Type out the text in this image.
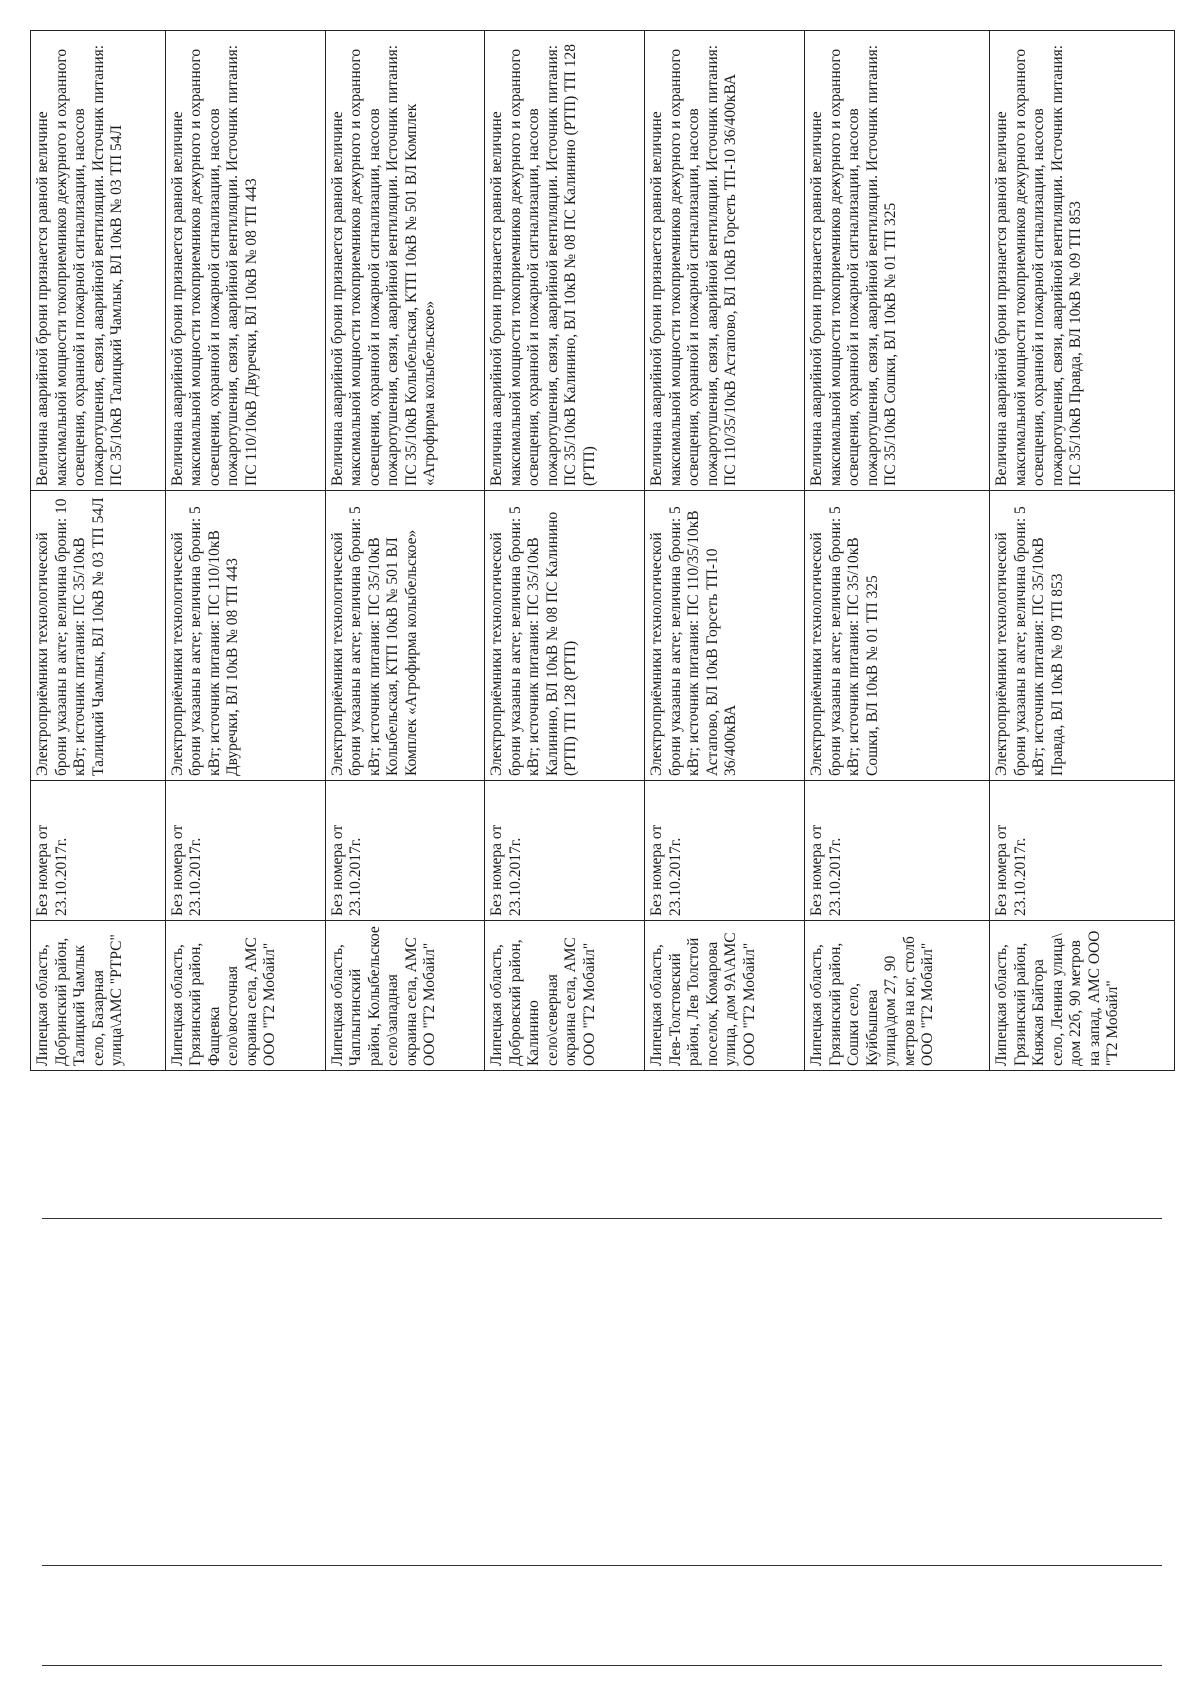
Липецкая область, Добринский район, Талицкий Чамлык село, Базарная улица\АМС "РТРС"	Без номера от 23.10.2017г.	Электроприёмники технологической брони указаны в акте; величина брони: 10 кВт; источник питания: ПС 35/10кВ Талицкий Чамлык, ВЛ 10кВ № 03 ТП 54Л	Величина аварийной брони признается равной величине максимальной мощности токоприемников дежурного и охранного освещения, охранной и пожарной сигнализации, насосов пожаротушения, связи, аварийной вентиляции. Источник питания: ПС 35/10кВ Талицкий Чамлык, ВЛ 10кВ № 03 ТП 54Л
Липецкая область, Грязинский район, Фащевка село\восточная окраина села, АМС ООО "Т2 Мобайл"	Без номера от 23.10.2017г.	Электроприёмники технологической брони указаны в акте; величина брони: 5 кВт; источник питания: ПС 110/10кВ Двуречки, ВЛ 10кВ № 08 ТП 443	Величина аварийной брони признается равной величине максимальной мощности токоприемников дежурного и охранного освещения, охранной и пожарной сигнализации, насосов пожаротушения, связи, аварийной вентиляции. Источник питания: ПС 110/10кВ Двуречки, ВЛ 10кВ № 08 ТП 443
Липецкая область, Чаплыгинский район, Колыбельское село\западная окраина села, АМС ООО "Т2 Мобайл"	Без номера от 23.10.2017г.	Электроприёмники технологической брони указаны в акте; величина брони: 5 кВт; источник питания: ПС 35/10кВ Колыбельская, КТП 10кВ № 501 ВЛ Комплек «Агрофирма колыбельское»	Величина аварийной брони признается равной величине максимальной мощности токоприемников дежурного и охранного освещения, охранной и пожарной сигнализации, насосов пожаротушения, связи, аварийной вентиляции. Источник питания: ПС 35/10кВ Колыбельская, КТП 10кВ № 501 ВЛ Комплек «Агрофирма колыбельское»
Липецкая область, Добровский район, Калинино село\северная окраина села, АМС ООО "Т2 Мобайл"	Без номера от 23.10.2017г.	Электроприёмники технологической брони указаны в акте; величина брони: 5 кВт; источник питания: ПС 35/10кВ Калинино, ВЛ 10кВ № 08 ПС Калинино (РТП) ТП 128 (РТП)	Величина аварийной брони признается равной величине максимальной мощности токоприемников дежурного и охранного освещения, охранной и пожарной сигнализации, насосов пожаротушения, связи, аварийной вентиляции. Источник питания: ПС 35/10кВ Калинино, ВЛ 10кВ № 08 ПС Калинино (РТП) ТП 128 (РТП)
Липецкая область, Лев-Толстовский район, Лев Толстой поселок, Комарова улица, дом 9А\АМС ООО "Т2 Мобайл"	Без номера от 23.10.2017г.	Электроприёмники технологической брони указаны в акте; величина брони: 5 кВт; источник питания: ПС 110/35/10кВ Астапово, ВЛ 10кВ Горсеть ТП-10 36/400кВА	Величина аварийной брони признается равной величине максимальной мощности токоприемников дежурного и охранного освещения, охранной и пожарной сигнализации, насосов пожаротушения, связи, аварийной вентиляции. Источник питания: ПС 110/35/10кВ Астапово, ВЛ 10кВ Горсеть ТП-10 36/400кВА
Липецкая область, Грязинский район, Сошки село, Куйбышева улица\дом 27, 90 метров на юг, столб ООО "Т2 Мобайл"	Без номера от 23.10.2017г.	Электроприёмники технологической брони указаны в акте; величина брони: 5 кВт; источник питания: ПС 35/10кВ Сошки, ВЛ 10кВ № 01 ТП 325	Величина аварийной брони признается равной величине максимальной мощности токоприемников дежурного и охранного освещения, охранной и пожарной сигнализации, насосов пожаротушения, связи, аварийной вентиляции. Источник питания: ПС 35/10кВ Сошки, ВЛ 10кВ № 01 ТП 325
Липецкая область, Грязинский район, Княжая Байгора село, Ленина улица\ дом 22б, 90 метров на запад, АМС ООО "Т2 Мобайл"	Без номера от 23.10.2017г.	Электроприёмники технологической брони указаны в акте; величина брони: 5 кВт; источник питания: ПС 35/10кВ Правда, ВЛ 10кВ № 09 ТП 853	Величина аварийной брони признается равной величине максимальной мощности токоприемников дежурного и охранного освещения, охранной и пожарной сигнализации, насосов пожаротушения, связи, аварийной вентиляции. Источник питания: ПС 35/10кВ Правда, ВЛ 10кВ № 09 ТП 853
